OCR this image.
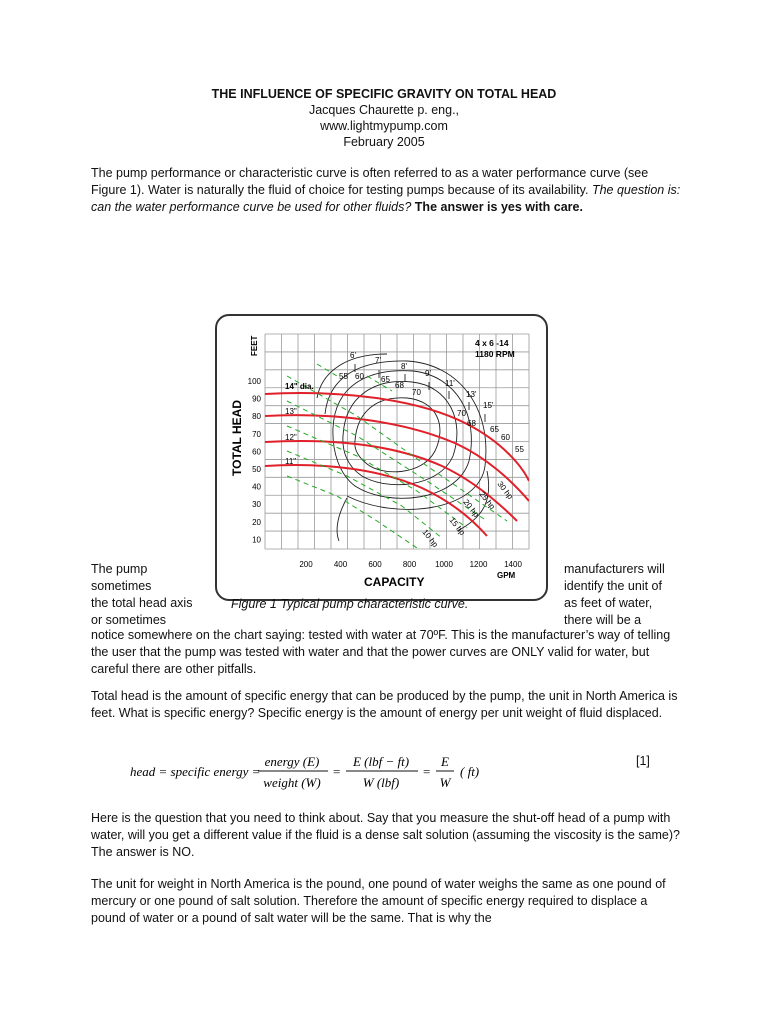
THE INFLUENCE OF SPECIFIC GRAVITY ON TOTAL HEAD
Jacques Chaurette p. eng.,
www.lightmypump.com
February 2005
The pump performance or characteristic curve is often referred to as a water performance curve (see Figure 1). Water is naturally the fluid of choice for testing pumps because of its availability. The question is: can the water performance curve be used for other fluids? The answer is yes with care.
4 x 6 -14
1180 RPM
FEET
TOTAL HEAD
CAPACITY	GPM
100
90
80
70
60
50
40
30
20
10
200	400	600	800 1000 1200 1400
14" dia.
13"
12"
11"
6'
7'
8'
9'
11'
13'
15'
55 60 65
68
70
70
68
65
60
55
30 hp
25 hp
20 hp
15 hp
10 hp
The pump
sometimes
the total head axis
or sometimes
manufacturers will
identify the unit of
as feet of water,
there will be a
Figure 1 Typical pump characteristic curve.
notice somewhere on the chart saying: tested with water at 70ºF. This is the manufacturer’s way of telling the user that the pump was tested with water and that the power curves are ONLY valid for water, but careful there are other pitfalls.
Total head is the amount of specific energy that can be produced by the pump, the unit in North America is feet. What is specific energy? Specific energy is the amount of energy per unit weight of fluid displaced.
head = specific energy =
energy (E)
weight (W)
=
E (lbf − ft)
W (lbf)
=
E
W
( ft)
[1]
Here is the question that you need to think about. Say that you measure the shut-off head of a pump with water, will you get a different value if the fluid is a dense salt solution (assuming the viscosity is the same)? The answer is NO.
The unit for weight in North America is the pound, one pound of water weighs the same as one pound of mercury or one pound of salt solution. Therefore the amount of specific energy required to displace a pound of water or a pound of salt water will be the same. That is why the
